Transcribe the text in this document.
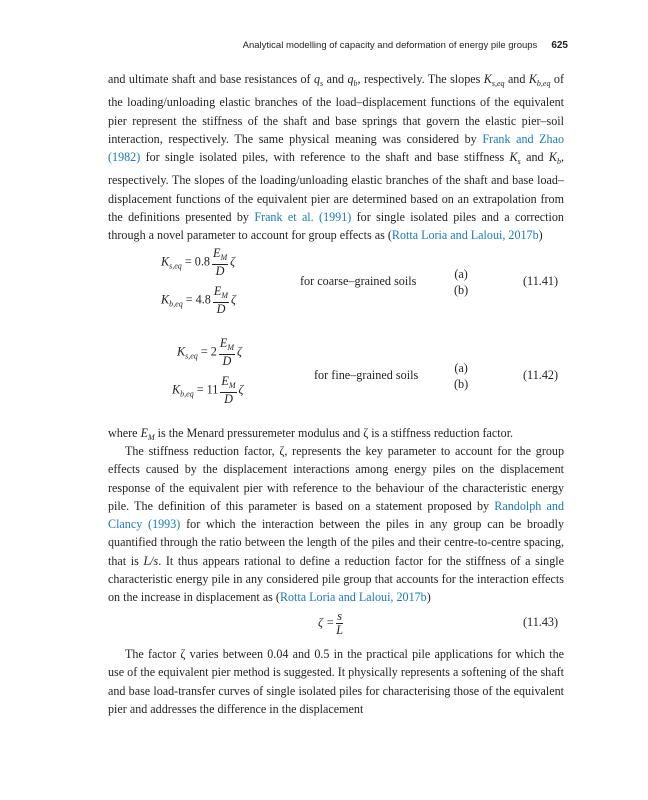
Analytical modelling of capacity and deformation of energy pile groups 625

and ultimate shaft and base resistances of $q_s$ and $q_b$, respectively. The slopes $K_{s,eq}$ and $K_{b,eq}$ of the loading/unloading elastic branches of the load–displacement functions of the equivalent pier represent the stiffness of the shaft and base springs that govern the elastic pier–soil interaction, respectively. The same physical meaning was considered by Frank and Zhao (1982) for single isolated piles, with reference to the shaft and base stiffness $K_s$ and $K_b$, respectively. The slopes of the loading/unloading elastic branches of the shaft and base load–displacement functions of the equivalent pier are determined based on an extrapolation from the definitions presented by Frank et al. (1991) for single isolated piles and a correction through a novel parameter to account for group effects as (Rotta Loria and Laloui, 2017b)

$K_{s,eq} = 0.8 \frac{E_M}{D}$ ζ
$K_{b,eq} = 4.8 \frac{E_M}{D}$ ζ
for coarse–grained soils	(a)
(b)
(11.41)
$K_{s,eq} = 2 \frac{E_M}{D}$ ζ
$K_{b,eq} = 11 \frac{E_M}{D}$ ζ
for fine–grained soils	(a)
(b)
(11.42)

where $E_M$ is the Menard pressuremeter modulus and ζ is a stiffness reduction factor.

The stiffness reduction factor, ζ, represents the key parameter to account for the group effects caused by the displacement interactions among energy piles on the displacement response of the equivalent pier with reference to the behaviour of the characteristic energy pile. The definition of this parameter is based on a statement proposed by Randolph and Clancy (1993) for which the interaction between the piles in any group can be broadly quantified through the ratio between the length of the piles and their centre-to-centre spacing, that is L/s. It thus appears rational to define a reduction factor for the stiffness of a single characteristic energy pile in any considered pile group that accounts for the interaction effects on the increase in displacement as (Rotta Loria and Laloui, 2017b)

$\zeta = \frac{s}{L}$	(11.43)

The factor ζ varies between 0.04 and 0.5 in the practical pile applications for which the use of the equivalent pier method is suggested. It physically represents a softening of the shaft and base load-transfer curves of single isolated piles for characterising those of the equivalent pier and addresses the difference in the displacement
